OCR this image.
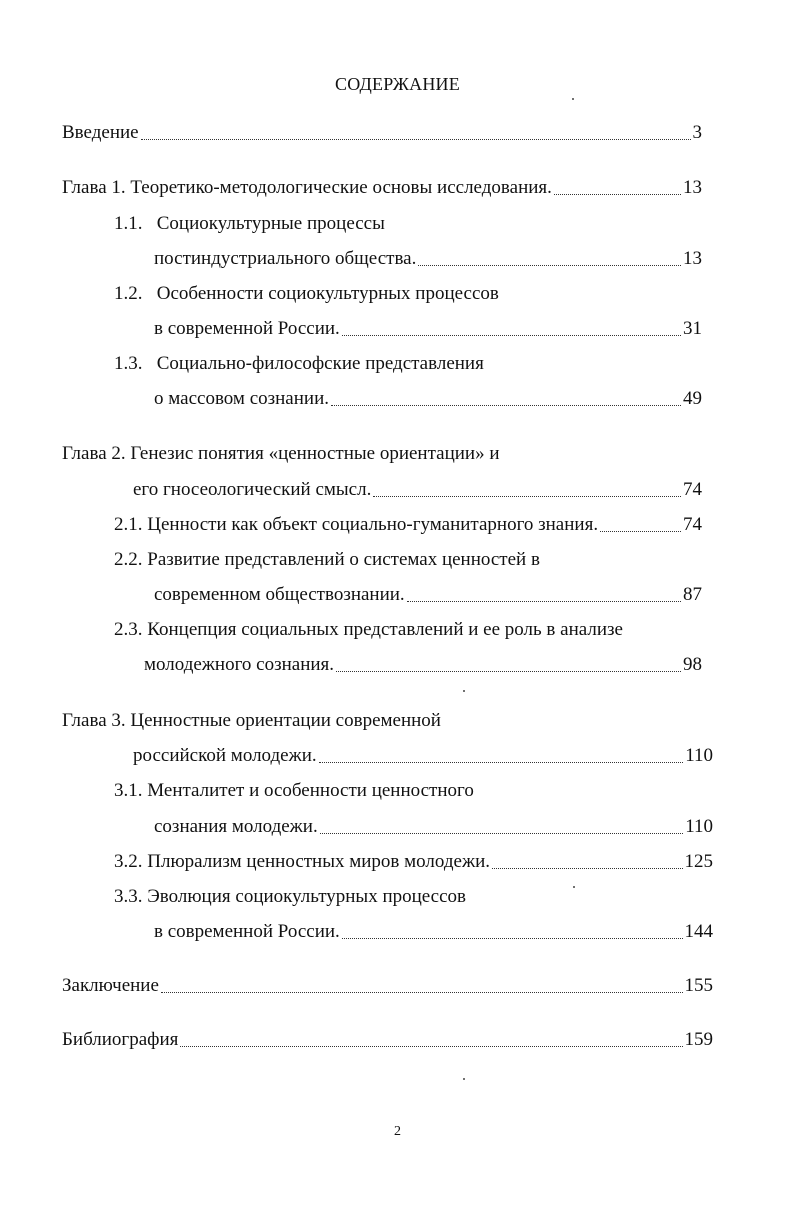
СОДЕРЖАНИЕ
Введение	3
Глава 1. Теоретико-методологические основы исследования.	13
1.1.   Социокультурные процессы
постиндустриального общества.	13
1.2.   Особенности социокультурных процессов
в современной России.	31
1.3.   Социально-философские представления
о массовом сознании.	49
Глава 2. Генезис понятия «ценностные ориентации» и
его гносеологический смысл.	74
2.1. Ценности как объект социально-гуманитарного знания.	74
2.2. Развитие представлений о системах ценностей в
современном обществознании.	87
2.3. Концепция социальных представлений и ее роль в анализе
молодежного сознания.	98
Глава 3. Ценностные ориентации современной
российской молодежи.	110
3.1. Менталитет и особенности ценностного
сознания молодежи.	110
3.2. Плюрализм ценностных миров молодежи.	125
3.3. Эволюция социокультурных процессов
в современной России.	144
Заключение	155
Библиография	159
2
